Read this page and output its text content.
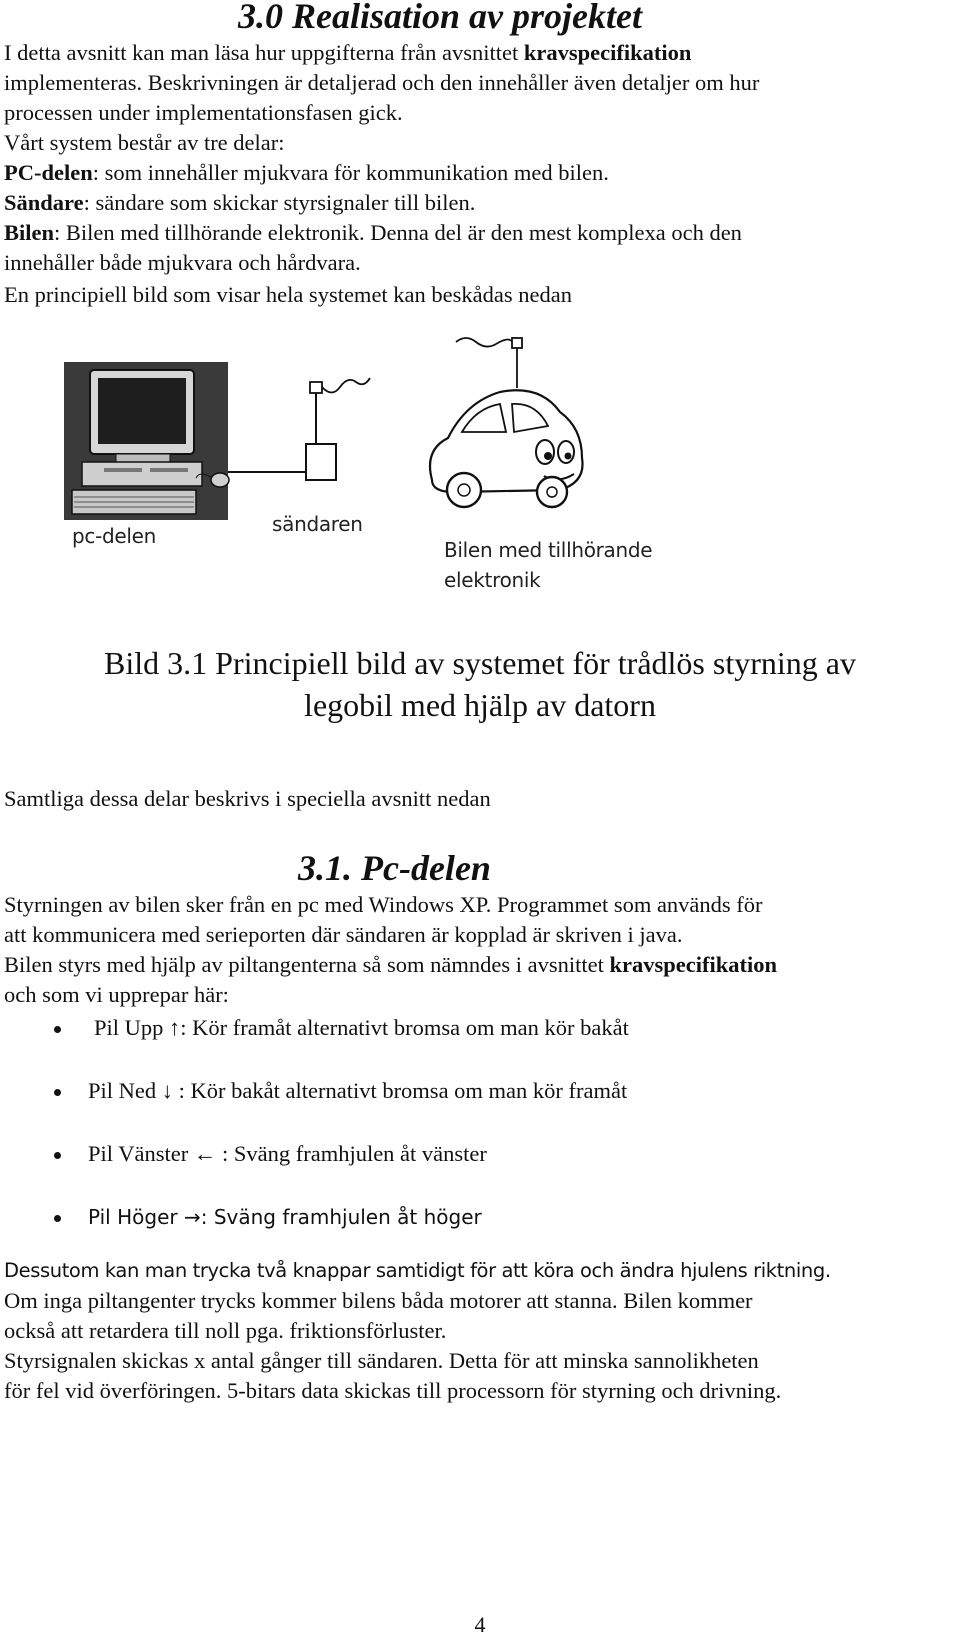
3.0 Realisation av projektet
I detta avsnitt kan man läsa hur uppgifterna från avsnittet kravspecifikation
implementeras. Beskrivningen är detaljerad och den innehåller även detaljer om hur
processen under implementationsfasen gick.
Vårt system består av tre delar:
PC-delen: som innehåller mjukvara för kommunikation med bilen.
Sändare: sändare som skickar styrsignaler till bilen.
Bilen: Bilen med tillhörande elektronik. Denna del är den mest komplexa och den
innehåller både mjukvara och hårdvara.
En principiell bild som visar hela systemet kan beskådas nedan
pc-delen	sändaren
Bilen med tillhörande
elektronik
Bild 3.1 Principiell bild av systemet för trådlös styrning av
legobil med hjälp av datorn
Samtliga dessa delar beskrivs i speciella avsnitt nedan
3.1. Pc-delen
Styrningen av bilen sker från en pc med Windows XP. Programmet som används för
att kommunicera med serieporten där sändaren är kopplad är skriven i java.
Bilen styrs med hjälp av piltangenterna så som nämndes i avsnittet kravspecifikation
och som vi upprepar här:
Pil Upp ↑: Kör framåt alternativt bromsa om man kör bakåt
Pil Ned ↓ : Kör bakåt alternativt bromsa om man kör framåt
Pil Vänster ← : Sväng framhjulen åt vänster
Pil Höger →: Sväng framhjulen åt höger
Dessutom kan man trycka två knappar samtidigt för att köra och ändra hjulens riktning.
Om inga piltangenter trycks kommer bilens båda motorer att stanna. Bilen kommer
också att retardera till noll pga. friktionsförluster.
Styrsignalen skickas x antal gånger till sändaren. Detta för att minska sannolikheten
för fel vid överföringen. 5-bitars data skickas till processorn för styrning och drivning.
4
